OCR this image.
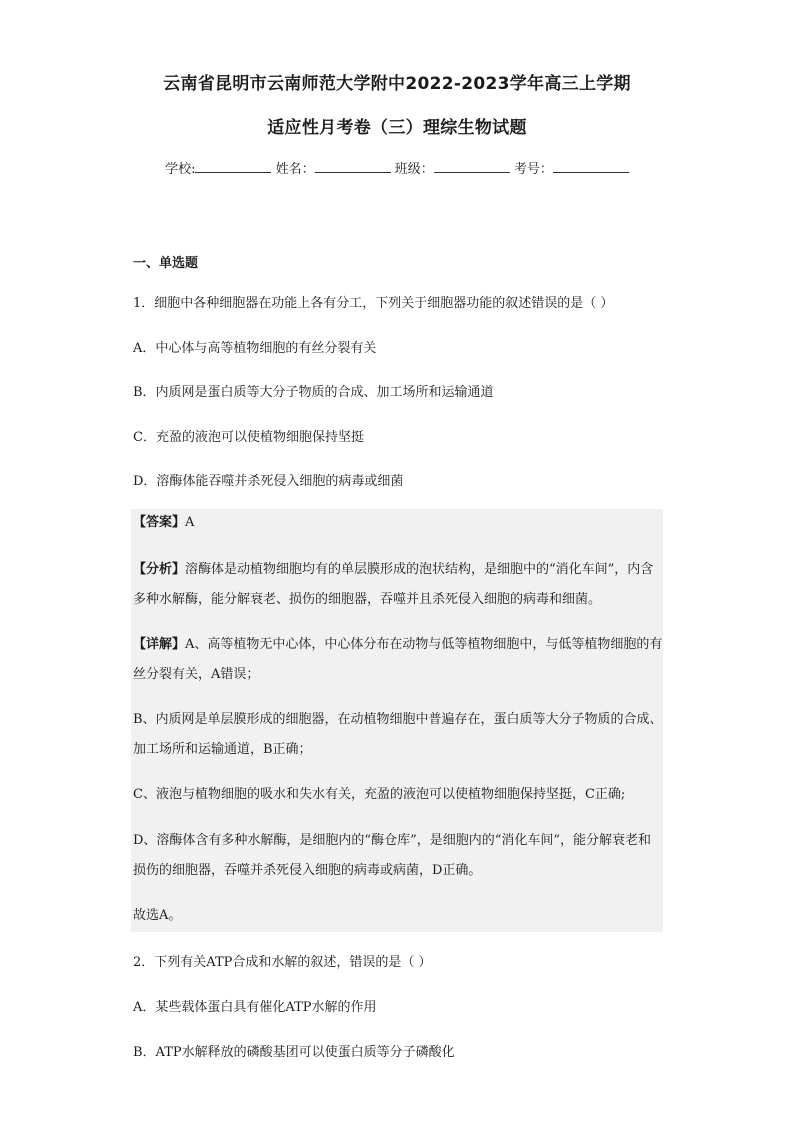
云南省昆明市云南师范大学附中2022-2023学年高三上学期
适应性月考卷（三）理综生物试题
学校:	姓名：	班级：	考号：
一、单选题
1．细胞中各种细胞器在功能上各有分工，下列关于细胞器功能的叙述错误的是（ ）
A．中心体与高等植物细胞的有丝分裂有关
B．内质网是蛋白质等大分子物质的合成、加工场所和运输通道
C．充盈的液泡可以使植物细胞保持坚挺
D．溶酶体能吞噬并杀死侵入细胞的病毒或细菌
【答案】A
【分析】溶酶体是动植物细胞均有的单层膜形成的泡状结构，是细胞中的“消化车间”，内含多种水解酶，能分解衰老、损伤的细胞器，吞噬并且杀死侵入细胞的病毒和细菌。
【详解】A、高等植物无中心体，中心体分布在动物与低等植物细胞中，与低等植物细胞的有丝分裂有关，A错误；
B、内质网是单层膜形成的细胞器，在动植物细胞中普遍存在，蛋白质等大分子物质的合成、加工场所和运输通道，B正确；
C、液泡与植物细胞的吸水和失水有关，充盈的液泡可以使植物细胞保持坚挺，C正确;
D、溶酶体含有多种水解酶，是细胞内的“酶仓库”，是细胞内的“消化车间”，能分解衰老和损伤的细胞器，吞噬并杀死侵入细胞的病毒或病菌，D正确。
故选A。
2．下列有关ATP合成和水解的叙述，错误的是（ ）
A．某些载体蛋白具有催化ATP水解的作用
B．ATP水解释放的磷酸基团可以使蛋白质等分子磷酸化
